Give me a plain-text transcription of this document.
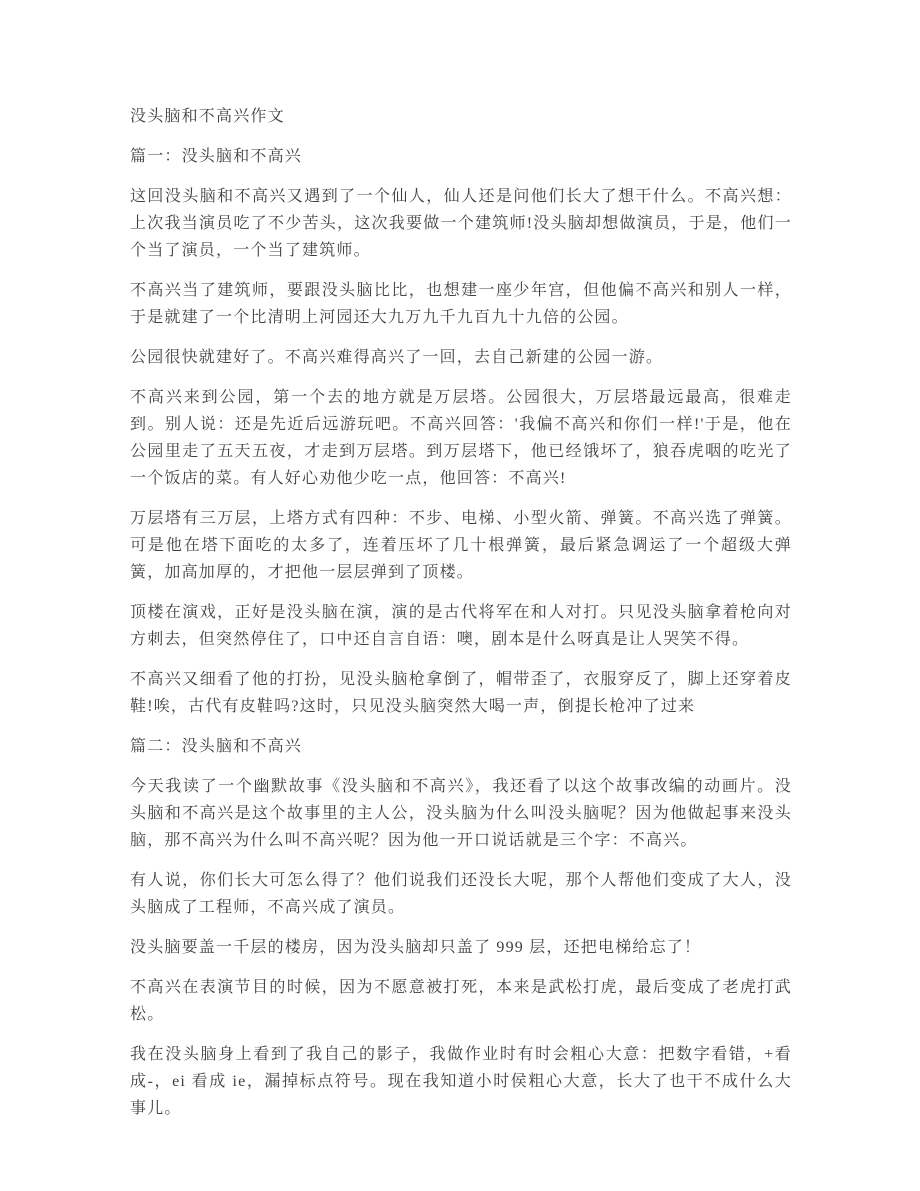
没头脑和不高兴作文

篇一：没头脑和不高兴

这回没头脑和不高兴又遇到了一个仙人，仙人还是问他们长大了想干什么。不高兴想：上次我当演员吃了不少苦头，这次我要做一个建筑师!没头脑却想做演员，于是，他们一个当了演员，一个当了建筑师。

不高兴当了建筑师，要跟没头脑比比，也想建一座少年宫，但他偏不高兴和别人一样，于是就建了一个比清明上河园还大九万九千九百九十九倍的公园。

公园很快就建好了。不高兴难得高兴了一回，去自己新建的公园一游。

不高兴来到公园，第一个去的地方就是万层塔。公园很大，万层塔最远最高，很难走到。别人说：还是先近后远游玩吧。不高兴回答：'我偏不高兴和你们一样!'于是，他在公园里走了五天五夜，才走到万层塔。到万层塔下，他已经饿坏了，狼吞虎咽的吃光了一个饭店的菜。有人好心劝他少吃一点，他回答：不高兴!

万层塔有三万层，上塔方式有四种：不步、电梯、小型火箭、弹簧。不高兴选了弹簧。可是他在塔下面吃的太多了，连着压坏了几十根弹簧，最后紧急调运了一个超级大弹簧，加高加厚的，才把他一层层弹到了顶楼。

顶楼在演戏，正好是没头脑在演，演的是古代将军在和人对打。只见没头脑拿着枪向对方刺去，但突然停住了，口中还自言自语：噢，剧本是什么呀真是让人哭笑不得。

不高兴又细看了他的打扮，见没头脑枪拿倒了，帽带歪了，衣服穿反了，脚上还穿着皮鞋!唉，古代有皮鞋吗?这时，只见没头脑突然大喝一声，倒提长枪冲了过来

篇二：没头脑和不高兴

今天我读了一个幽默故事《没头脑和不高兴》，我还看了以这个故事改编的动画片。没头脑和不高兴是这个故事里的主人公，没头脑为什么叫没头脑呢？因为他做起事来没头脑，那不高兴为什么叫不高兴呢？因为他一开口说话就是三个字：不高兴。

有人说，你们长大可怎么得了？他们说我们还没长大呢，那个人帮他们变成了大人，没头脑成了工程师，不高兴成了演员。

没头脑要盖一千层的楼房，因为没头脑却只盖了 999 层，还把电梯给忘了！

不高兴在表演节目的时候，因为不愿意被打死，本来是武松打虎，最后变成了老虎打武松。

我在没头脑身上看到了我自己的影子，我做作业时有时会粗心大意：把数字看错，+看成-，ei 看成 ie，漏掉标点符号。现在我知道小时侯粗心大意，长大了也干不成什么大事儿。
